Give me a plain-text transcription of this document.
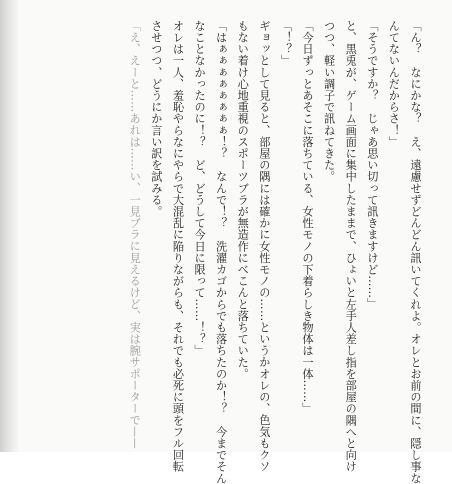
「ん？　なにかな？　え、遠慮せずどんどん訊いてくれよ。オレとお前の間に、隠し事な
んてないんだからさ！」
「そうですか？　じゃあ思い切って訊きますけど……」
と、黒兎が、ゲーム画面に集中したままで、ひょいと左手人差し指を部屋の隅へと向け
つつ、軽い調子で訊ねてきた。
「今日ずっとあそこに落ちている、女性モノの下着らしき物体は一体……」
「！？」
ギョッとして見ると、部屋の隅には確かに女性モノの……というかオレの、色気もクソ
もない着け心地重視のスポーツブラが無造作にべこんと落ちていた。
「はぁぁぁぁぁぁぁぁ！？　なんで！？　洗濯カゴからでも落ちたのか！？　今までそん
なことなかったのに！？　ど、どうして今日に限って……！？」
オレは一人、羞恥やらなにやらで大混乱に陥りながらも、それでも必死に頭をフル回転
させつつ、どうにか言い訳を試みる。
「え、えーと……あれは……い、一見ブラに見えるけど、実は腕サポーターで——
